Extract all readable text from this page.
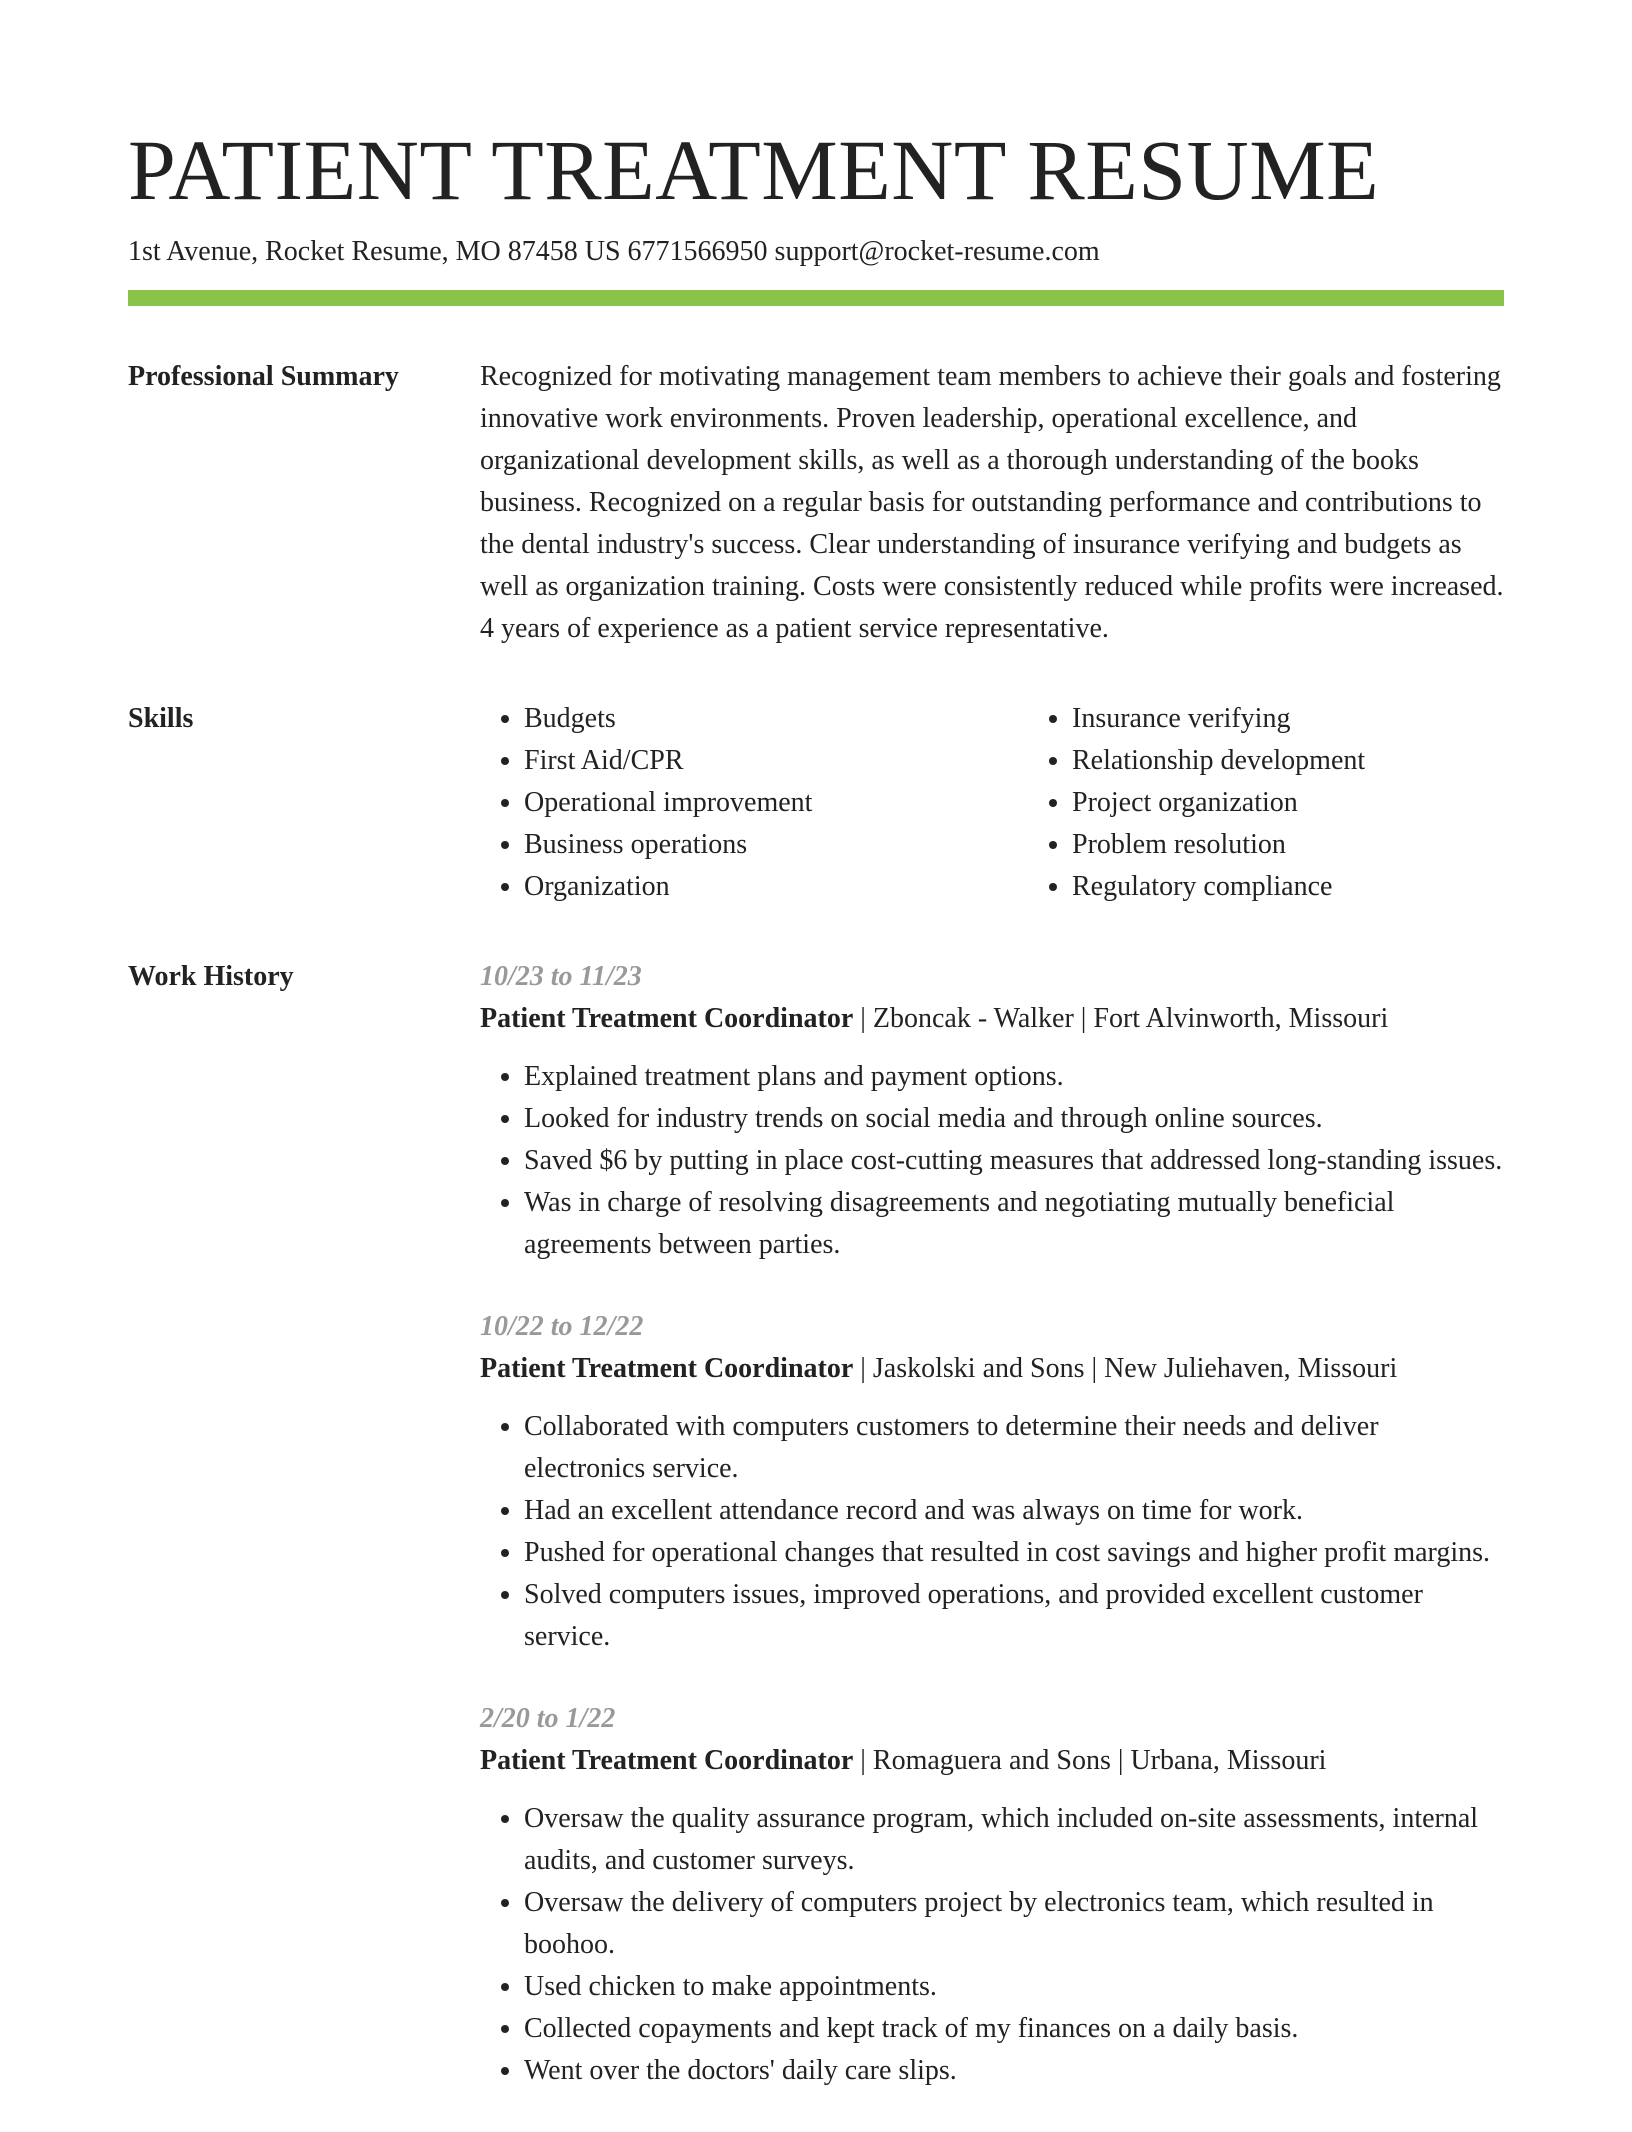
PATIENT TREATMENT RESUME
1st Avenue, Rocket Resume, MO 87458 US 6771566950 support@rocket-resume.com
Professional Summary	Recognized for motivating management team members to achieve their goals and fostering innovative work environments. Proven leadership, operational excellence, and organizational development skills, as well as a thorough understanding of the books business. Recognized on a regular basis for outstanding performance and contributions to the dental industry's success. Clear understanding of insurance verifying and budgets as well as organization training. Costs were consistently reduced while profits were increased. 4 years of experience as a patient service representative.
Skills
•	Budgets
• First Aid/CPR
• Operational improvement
• Business operations
• Organization
• Insurance verifying
• Relationship development
• Project organization
• Problem resolution
• Regulatory compliance
Work History	10/23 to 11/23
Patient Treatment Coordinator | Zboncak - Walker | Fort Alvinworth, Missouri
• Explained treatment plans and payment options.
• Looked for industry trends on social media and through online sources.
• Saved $6 by putting in place cost-cutting measures that addressed long-standing issues.
• Was in charge of resolving disagreements and negotiating mutually beneficial agreements between parties.
10/22 to 12/22
Patient Treatment Coordinator | Jaskolski and Sons | New Juliehaven, Missouri
• Collaborated with computers customers to determine their needs and deliver electronics service.
• Had an excellent attendance record and was always on time for work.
• Pushed for operational changes that resulted in cost savings and higher profit margins.
• Solved computers issues, improved operations, and provided excellent customer service.
2/20 to 1/22
Patient Treatment Coordinator | Romaguera and Sons | Urbana, Missouri
• Oversaw the quality assurance program, which included on-site assessments, internal audits, and customer surveys.
• Oversaw the delivery of computers project by electronics team, which resulted in boohoo.
• Used chicken to make appointments.
• Collected copayments and kept track of my finances on a daily basis.
• Went over the doctors' daily care slips.
